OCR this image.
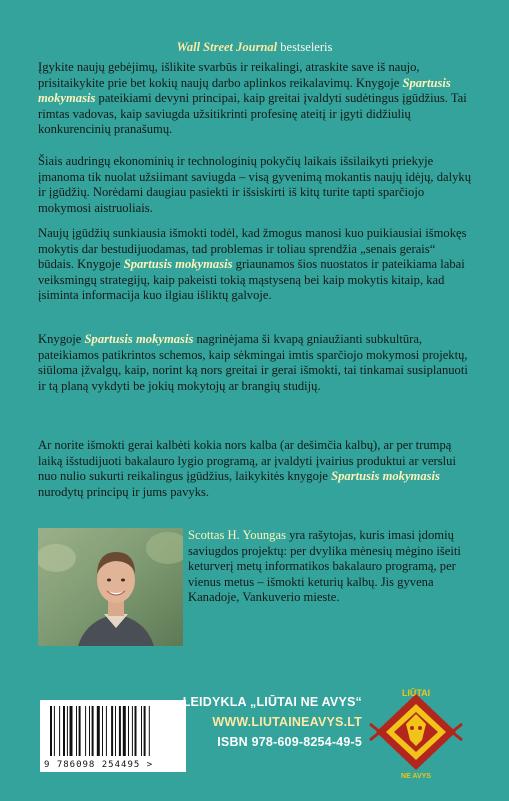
Wall Street Journal bestseleris

Įgykite naujų gebėjimų, išlikite svarbūs ir reikalingi, atraskite save iš naujo, prisitaikykite prie bet kokių naujų darbo aplinkos reikalavimų. Knygoje Spartusis mokymasis pateikiami devyni principai, kaip greitai įvaldyti sudėtingus įgūdžius. Tai rimtas vadovas, kaip saviugda užsitikrinti profesinę ateitį ir įgyti didžiulių konkurencinių pranašumų.

Šiais audringų ekonominių ir technologinių pokyčių laikais išsilaikyti priekyje įmanoma tik nuolat užsiimant saviugda – visą gyvenimą mokantis naujų idėjų, dalykų ir įgūdžių. Norėdami daugiau pasiekti ir išsiskirti iš kitų turite tapti sparčiojo mokymosi aistruoliais.

Naujų įgūdžių sunkiausia išmokti todėl, kad žmogus manosi kuo puikiausiai išmokęs mokytis dar bestudijuodamas, tad problemas ir toliau sprendžia „senais gerais“ būdais. Knygoje Spartusis mokymasis griaunamos šios nuostatos ir pateikiama labai veiksmingų strategijų, kaip pakeisti tokią mąstyseną bei kaip mokytis kitaip, kad įsiminta informacija kuo ilgiau išliktų galvoje.

Knygoje Spartusis mokymasis nagrinėjama ši kvapą gniaužianti subkultūra, pateikiamos patikrintos schemos, kaip sėkmingai imtis sparčiojo mokymosi projektų, siūloma įžvalgų, kaip, norint ką nors greitai ir gerai išmokti, tai tinkamai susiplanuoti ir tą planą vykdyti be jokių mokytojų ar brangių studijų.

Ar norite išmokti gerai kalbėti kokia nors kalba (ar dešimčia kalbų), ar per trumpą laiką išstudijuoti bakalauro lygio programą, ar įvaldyti įvairius produktui ar verslui nuo nulio sukurti reikalingus įgūdžius, laikykitės knygoje Spartusis mokymasis nurodytų principų ir jums pavyks.

Scottas H. Youngas yra rašytojas, kuris imasi įdomių saviugdos projektų: per dvylika mėnesių mėgino išeiti keturverį metų informatikos bakalauro programą, per vienus metus – išmokti keturių kalbų. Jis gyvena Kanadoje, Vankuverio mieste.

9 786098 254495 >
LEIDYKLA „LIŪTAI NE AVYS“
WWW.LIUTAINEAVYS.LT
ISBN 978-609-8254-49-5
LIŪTAI
NE AVYS
